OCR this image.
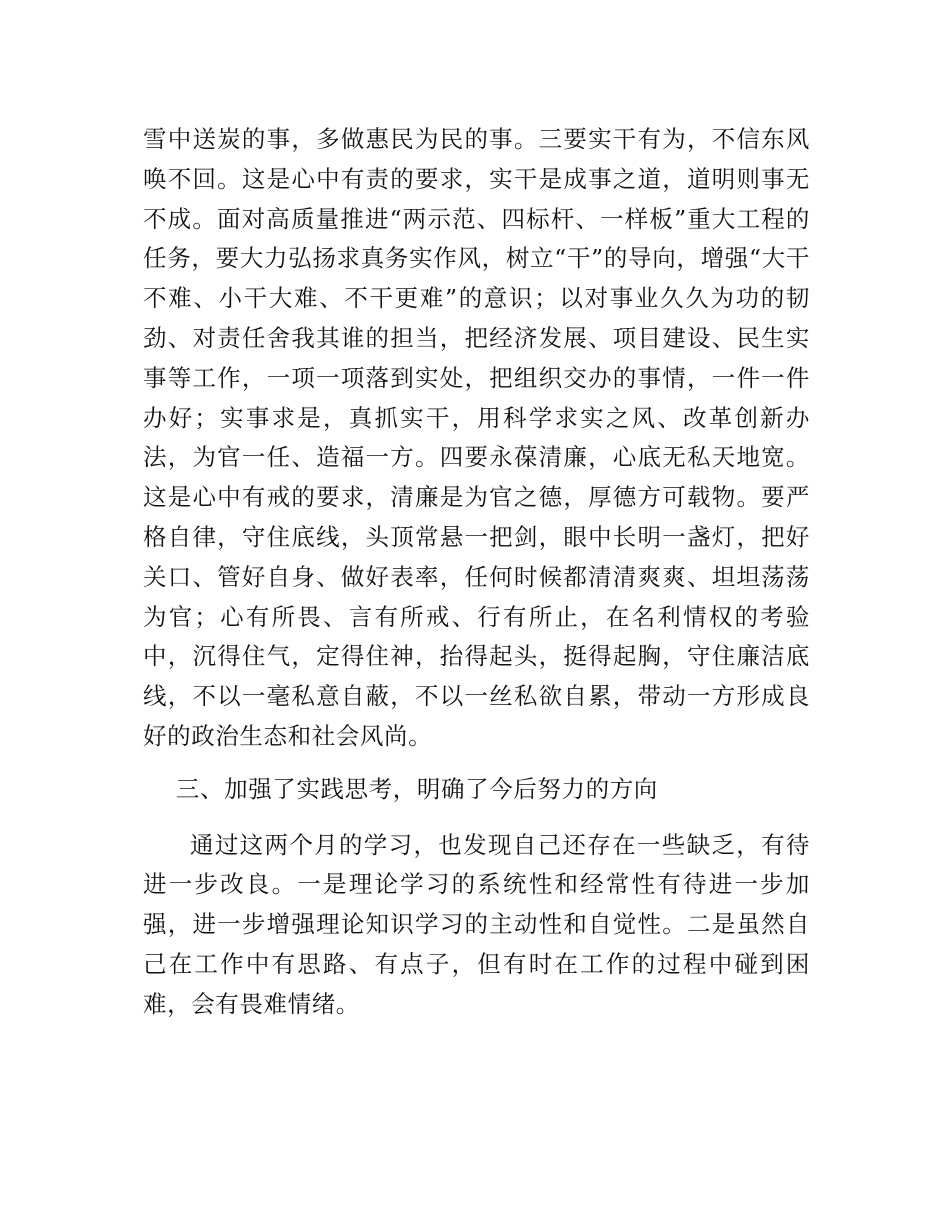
雪中送炭的事，多做惠民为民的事。三要实干有为，不信东风唤不回。这是心中有责的要求，实干是成事之道，道明则事无不成。面对高质量推进“两示范、四标杆、一样板”重大工程的任务，要大力弘扬求真务实作风，树立“干”的导向，增强“大干不难、小干大难、不干更难”的意识；以对事业久久为功的韧劲、对责任舍我其谁的担当，把经济发展、项目建设、民生实事等工作，一项一项落到实处，把组织交办的事情，一件一件办好；实事求是，真抓实干，用科学求实之风、改革创新办法，为官一任、造福一方。四要永葆清廉，心底无私天地宽。这是心中有戒的要求，清廉是为官之德，厚德方可载物。要严格自律，守住底线，头顶常悬一把剑，眼中长明一盏灯，把好关口、管好自身、做好表率，任何时候都清清爽爽、坦坦荡荡为官；心有所畏、言有所戒、行有所止，在名利情权的考验中，沉得住气，定得住神，抬得起头，挺得起胸，守住廉洁底线，不以一毫私意自蔽，不以一丝私欲自累，带动一方形成良好的政治生态和社会风尚。

三、加强了实践思考，明确了今后努力的方向

通过这两个月的学习，也发现自己还存在一些缺乏，有待进一步改良。一是理论学习的系统性和经常性有待进一步加强，进一步增强理论知识学习的主动性和自觉性。二是虽然自己在工作中有思路、有点子，但有时在工作的过程中碰到困难，会有畏难情绪。
